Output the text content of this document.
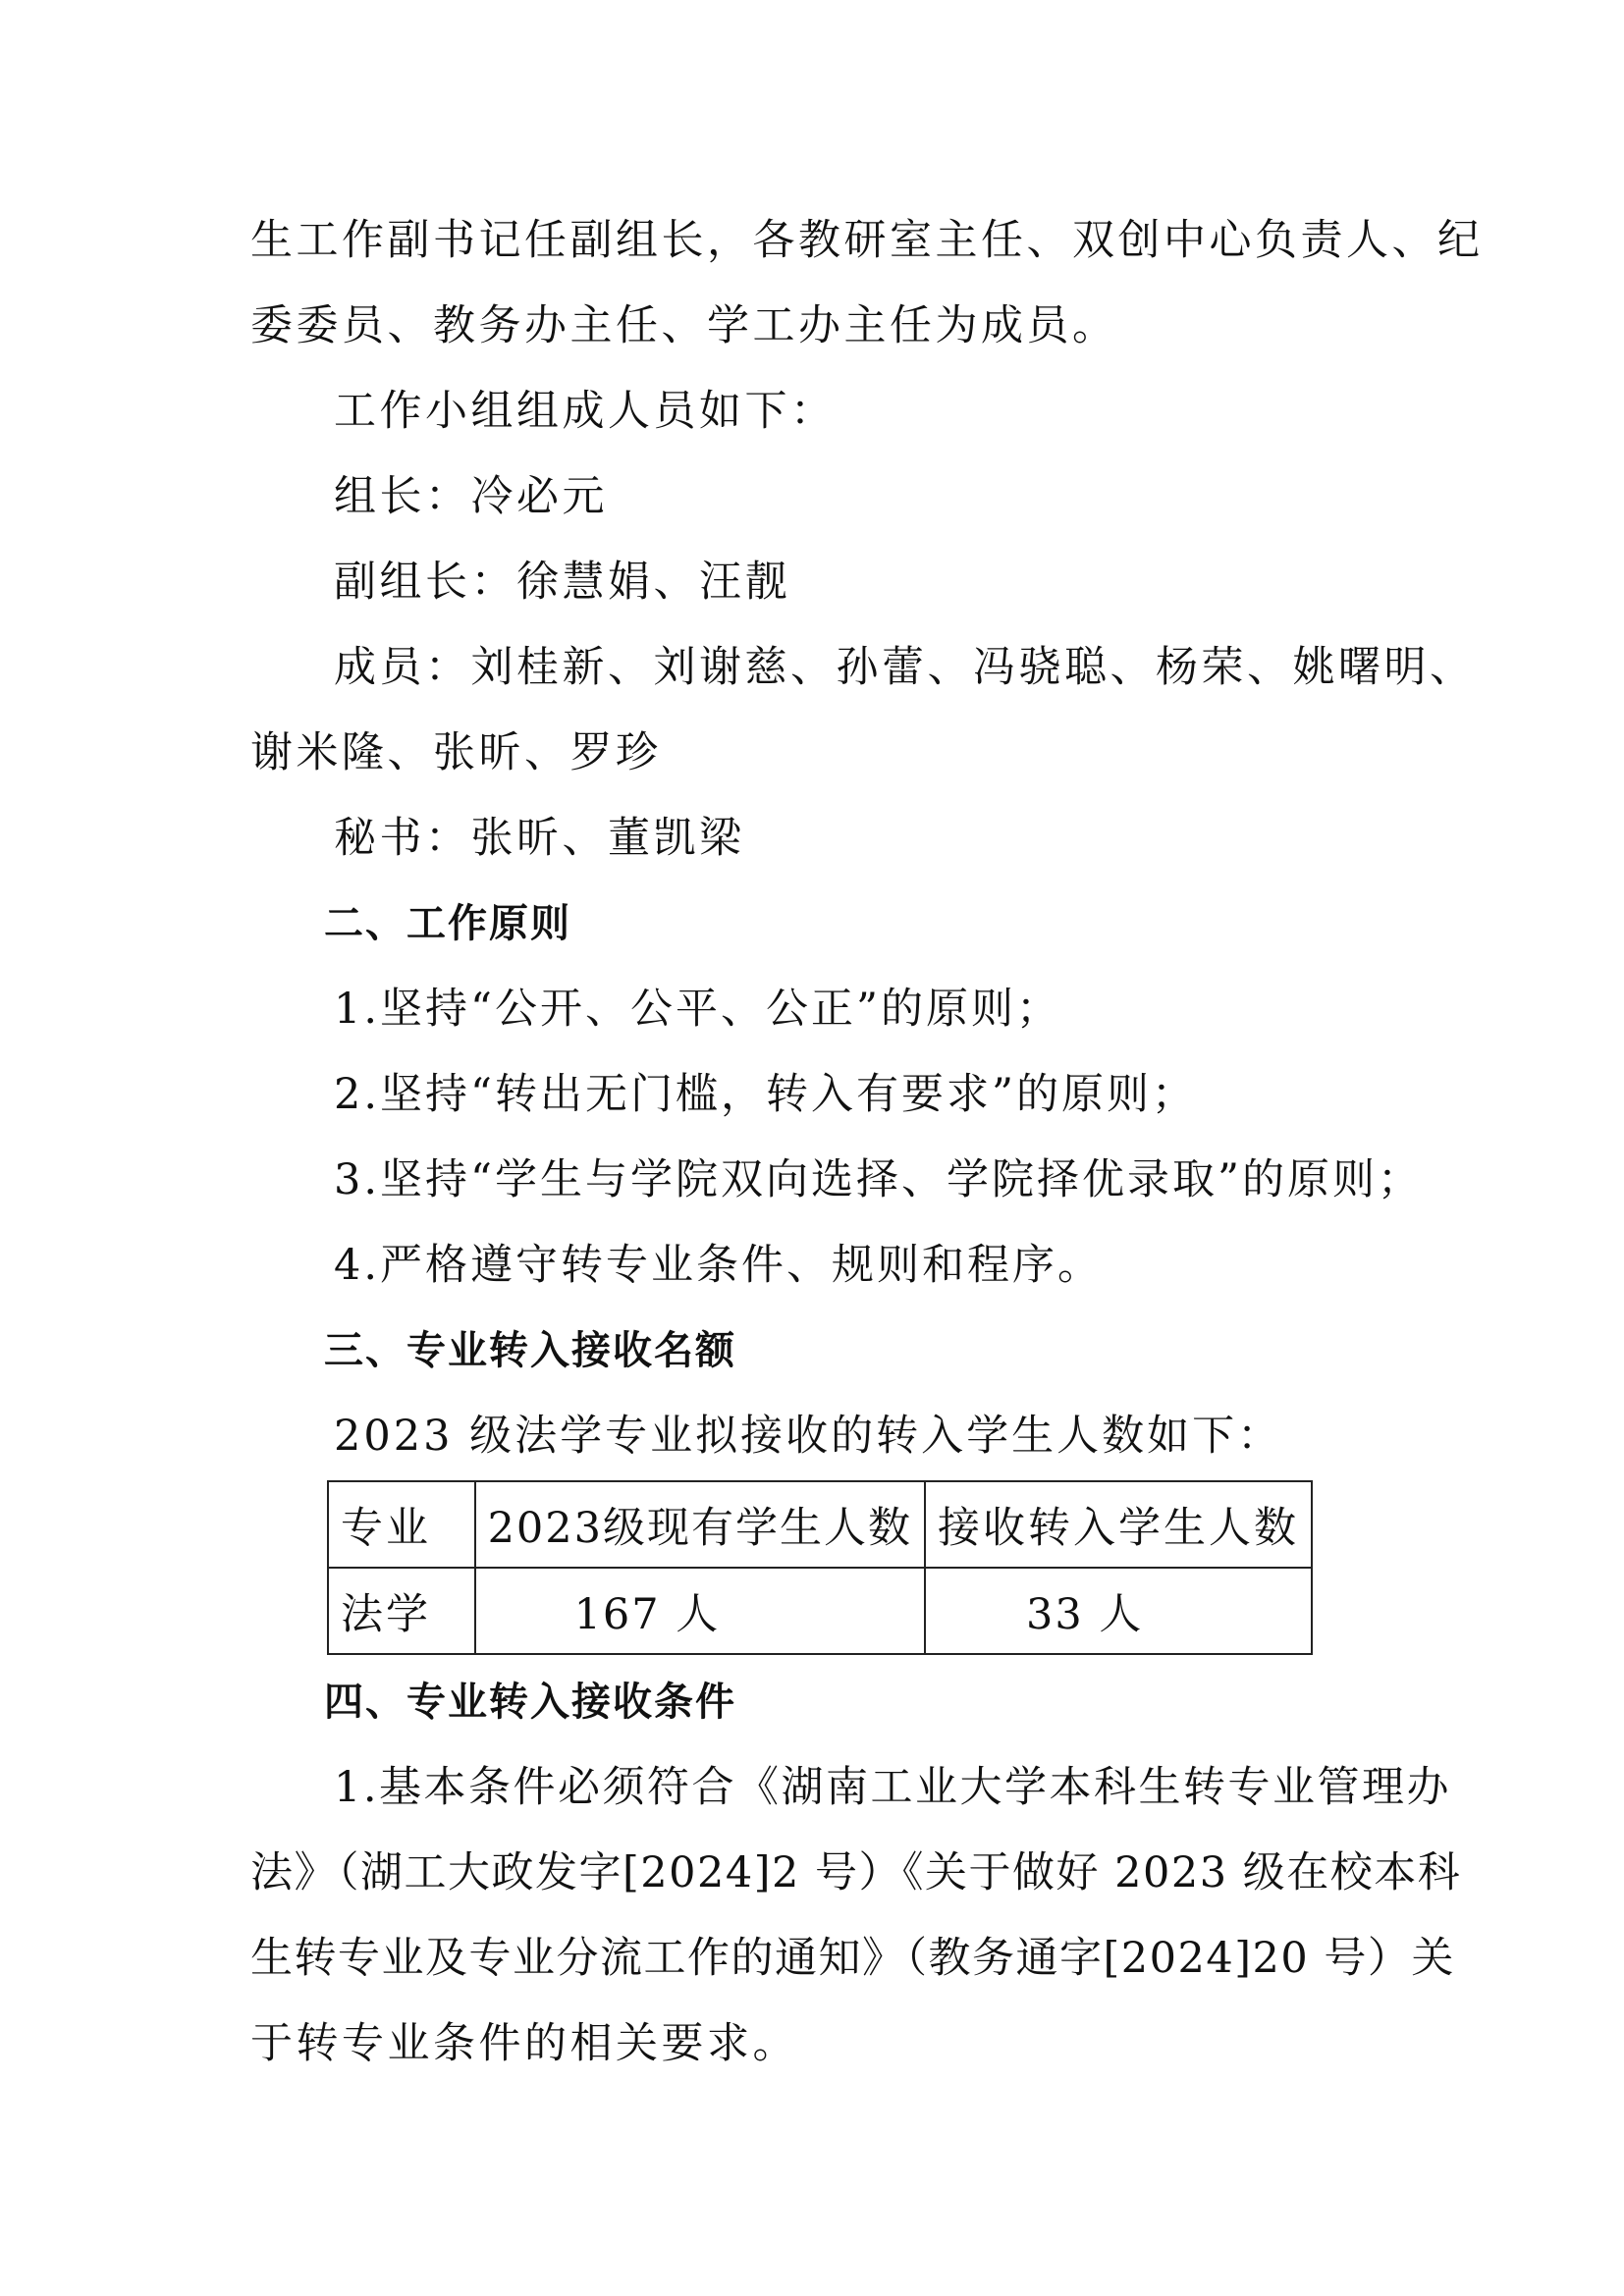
生工作副书记任副组长，各教研室主任、双创中心负责人、纪

委委员、教务办主任、学工办主任为成员。

工作小组组成人员如下：

组长：冷必元

副组长：徐慧娟、汪靓

成员：刘桂新、刘谢慈、孙蕾、冯骁聪、杨荣、姚曙明、

谢米隆、张昕、罗珍

秘书：张昕、董凯梁

二、工作原则

1.坚持“公开、公平、公正”的原则；

2.坚持“转出无门槛，转入有要求”的原则；

3.坚持“学生与学院双向选择、学院择优录取”的原则；

4.严格遵守转专业条件、规则和程序。

三、专业转入接收名额

2023 级法学专业拟接收的转入学生人数如下：

专业	2023级现有学生人数	接收转入学生人数
法学	167 人	33 人

四、专业转入接收条件

1.基本条件必须符合《湖南工业大学本科生转专业管理办

法》（湖工大政发字[2024]2 号）《关于做好 2023 级在校本科

生转专业及专业分流工作的通知》（教务通字[2024]20 号）关

于转专业条件的相关要求。
